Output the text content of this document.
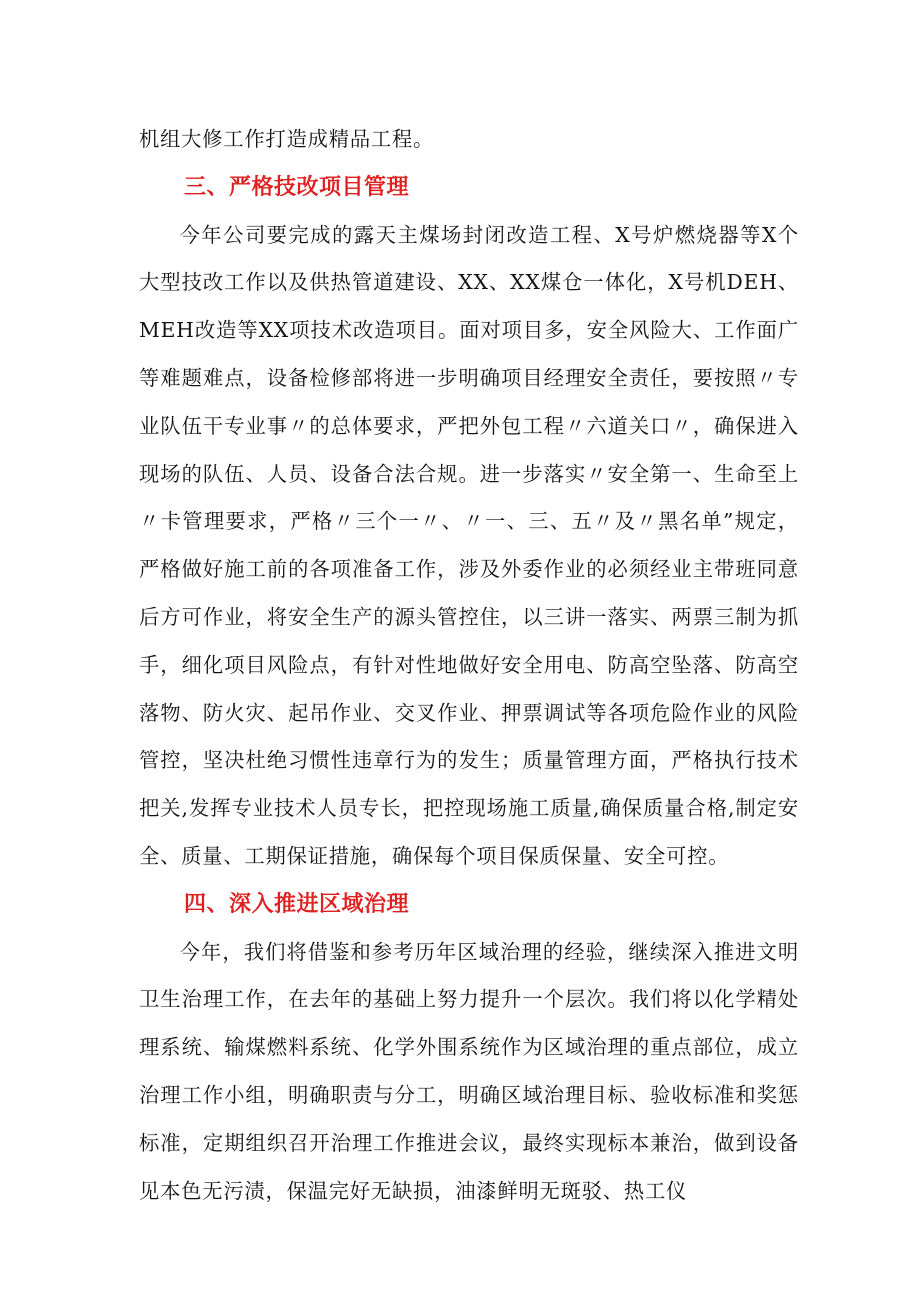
机组大修工作打造成精品工程。

三、严格技改项目管理

今年公司要完成的露天主煤场封闭改造工程、X号炉燃烧器等X个大型技改工作以及供热管道建设、XX、XX煤仓一体化，X号机DEH、MEH改造等XX项技术改造项目。面对项目多，安全风险大、工作面广等难题难点，设备检修部将进一步明确项目经理安全责任，要按照〃专业队伍干专业事〃的总体要求，严把外包工程〃六道关口〃，确保进入现场的队伍、人员、设备合法合规。进一步落实〃安全第一、生命至上〃卡管理要求，严格〃三个一〃、〃一、三、五〃及〃黑名单”规定，严格做好施工前的各项准备工作，涉及外委作业的必须经业主带班同意后方可作业，将安全生产的源头管控住，以三讲一落实、两票三制为抓手，细化项目风险点，有针对性地做好安全用电、防高空坠落、防高空落物、防火灾、起吊作业、交叉作业、押票调试等各项危险作业的风险管控，坚决杜绝习惯性违章行为的发生；质量管理方面，严格执行技术把关,发挥专业技术人员专长，把控现场施工质量,确保质量合格,制定安全、质量、工期保证措施，确保每个项目保质保量、安全可控。

四、深入推进区域治理

今年，我们将借鉴和参考历年区域治理的经验，继续深入推进文明卫生治理工作，在去年的基础上努力提升一个层次。我们将以化学精处理系统、输煤燃料系统、化学外围系统作为区域治理的重点部位，成立治理工作小组，明确职责与分工，明确区域治理目标、验收标准和奖惩标准，定期组织召开治理工作推进会议，最终实现标本兼治，做到设备见本色无污渍，保温完好无缺损，油漆鲜明无斑驳、热工仪
